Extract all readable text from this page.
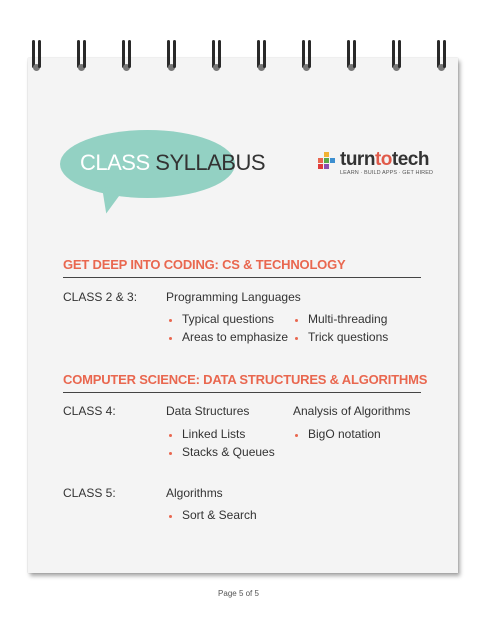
CLASS SYLLABUS	turntotech
LEARN · BUILD APPS · GET HIRED
GET DEEP INTO CODING: CS & TECHNOLOGY
CLASS 2 & 3: Programming Languages
Typical questions
Areas to emphasize
Multi-threading
Trick questions
COMPUTER SCIENCE: DATA STRUCTURES & ALGORITHMS
CLASS 4:	Data Structures	Analysis of Algorithms
Linked Lists
Stacks & Queues
BigO notation
CLASS 5:	Algorithms
Sort & Search
Page 5 of 5
